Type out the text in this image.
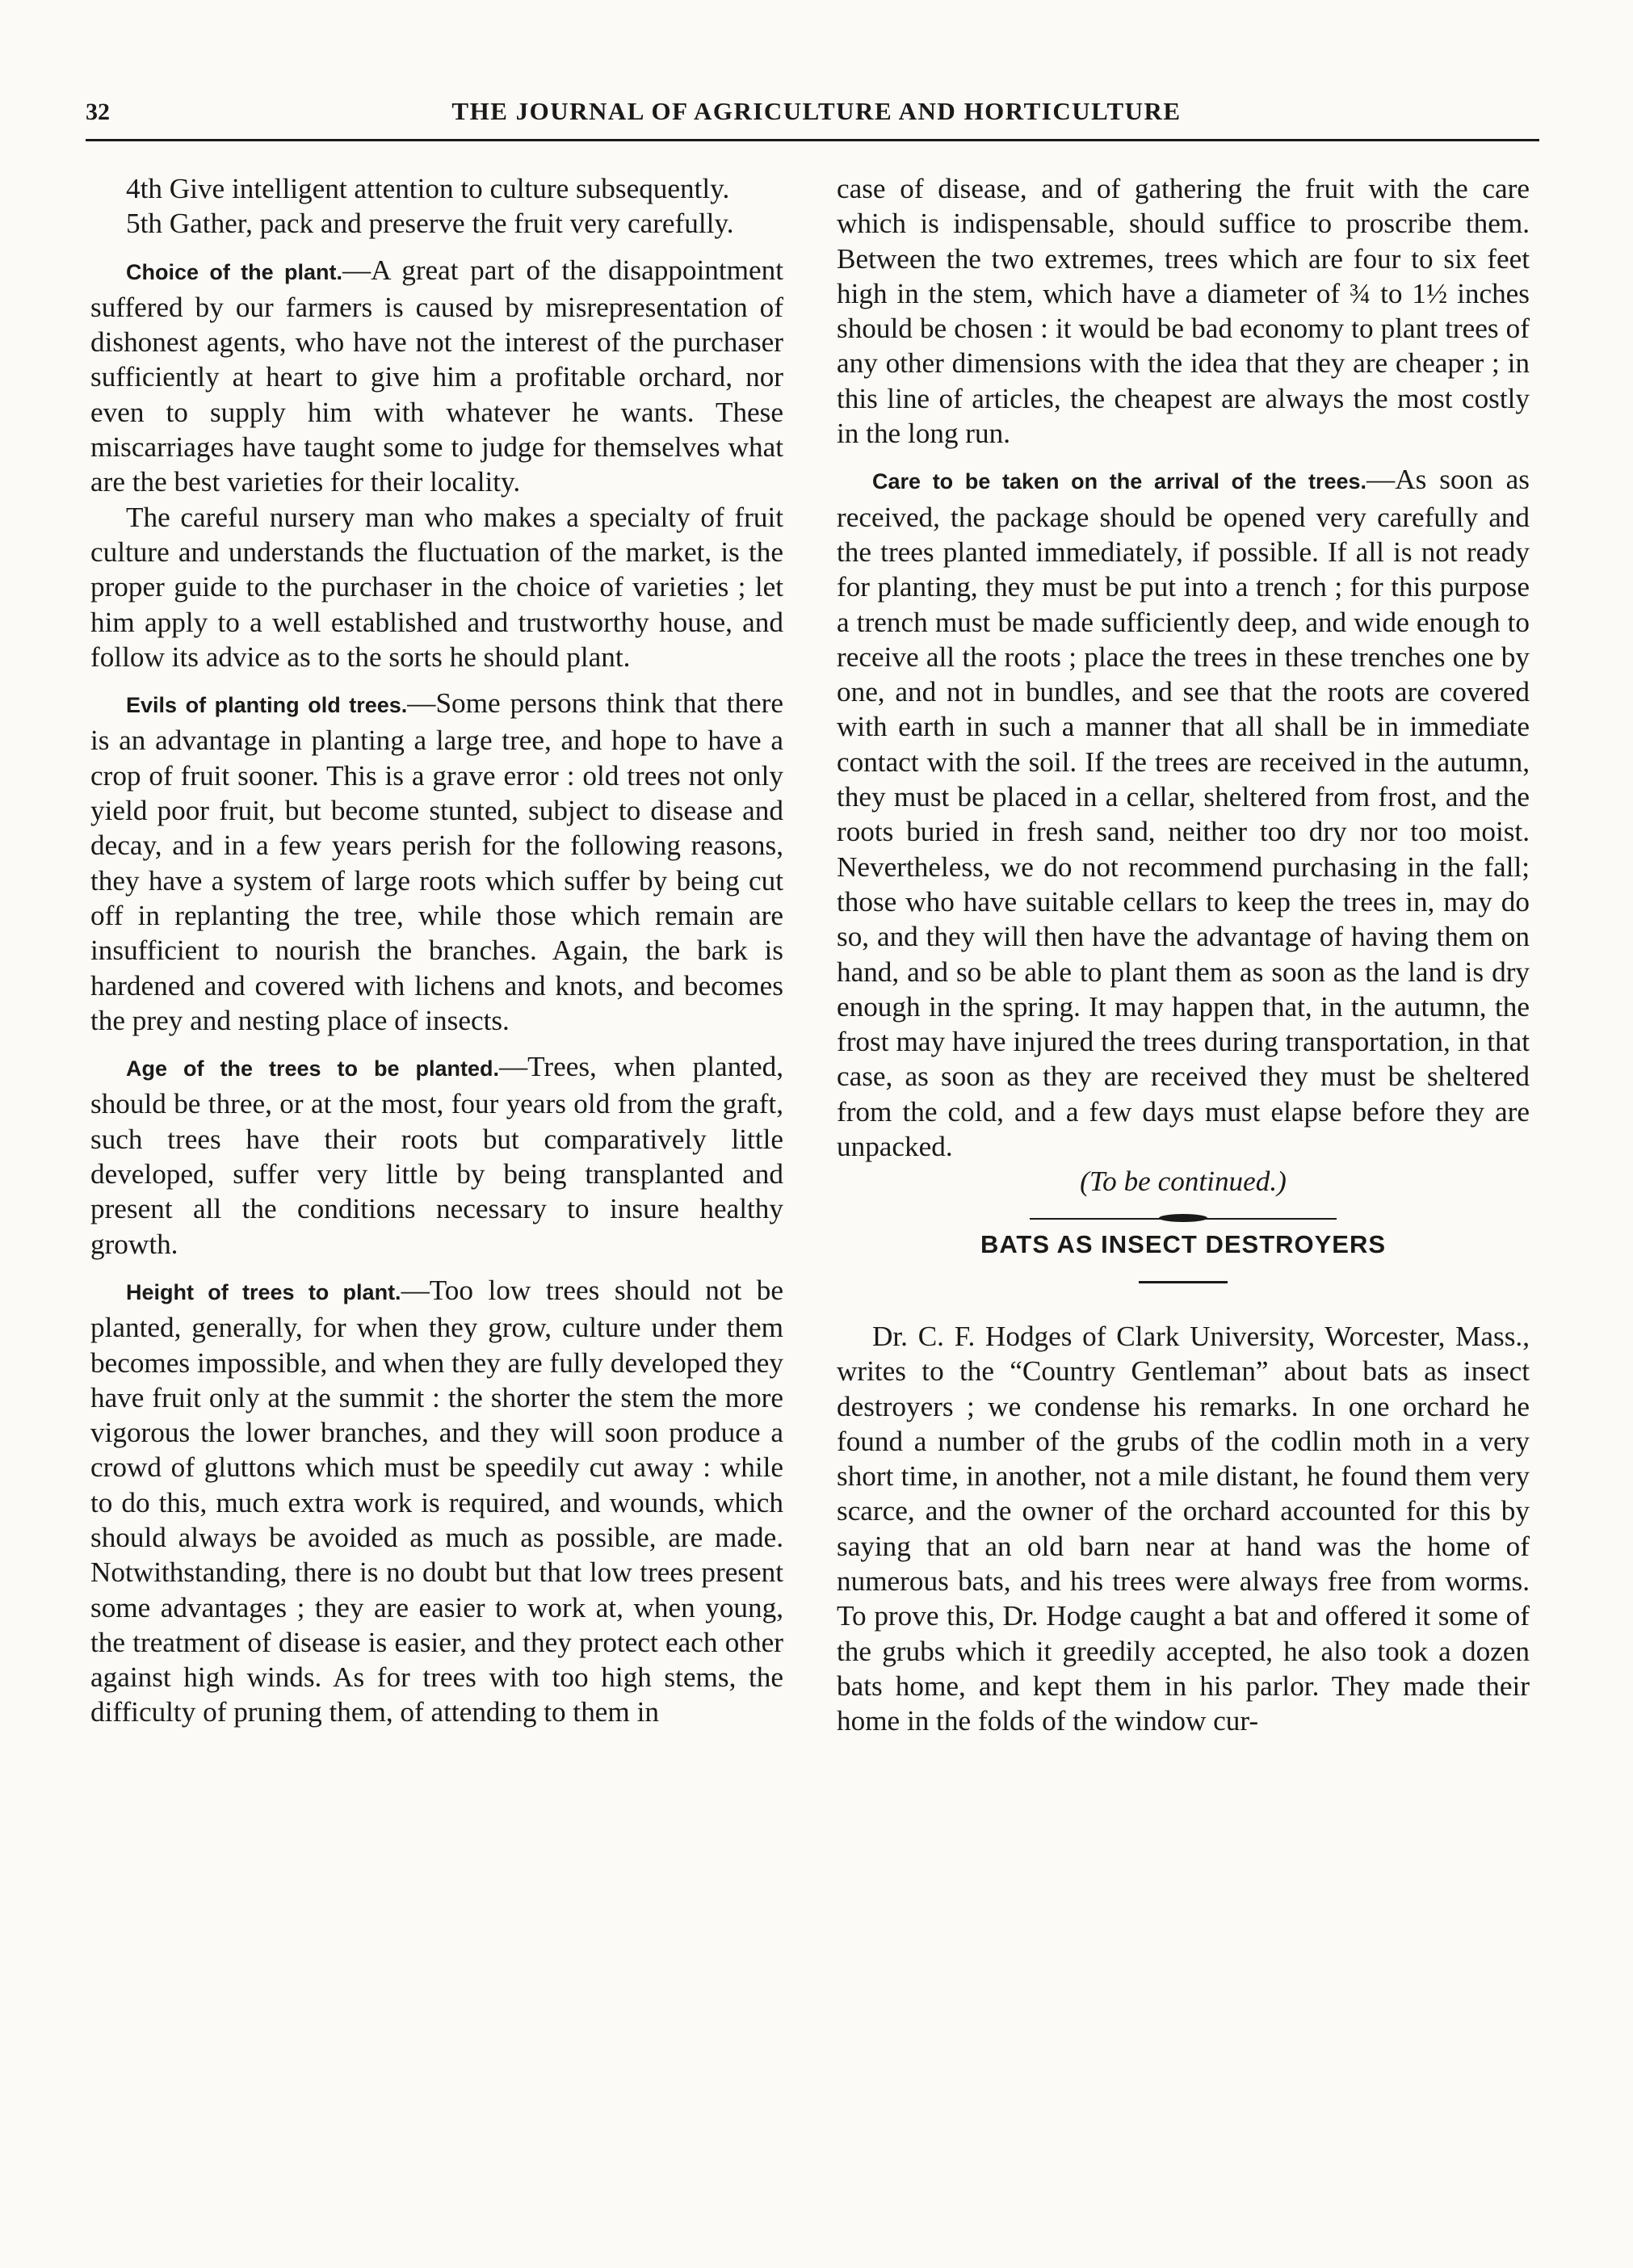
32	THE JOURNAL OF AGRICULTURE AND HORTICULTURE

4th Give intelligent attention to culture subsequently.

5th Gather, pack and preserve the fruit very carefully.

Choice of the plant.—A great part of the disappointment suffered by our farmers is caused by misrepresentation of dishonest agents, who have not the interest of the purchaser sufficiently at heart to give him a profitable orchard, nor even to supply him with whatever he wants. These miscarriages have taught some to judge for themselves what are the best varieties for their locality.

The careful nursery man who makes a specialty of fruit culture and understands the fluctuation of the market, is the proper guide to the purchaser in the choice of varieties ; let him apply to a well established and trustworthy house, and follow its advice as to the sorts he should plant.

Evils of planting old trees.—Some persons think that there is an advantage in planting a large tree, and hope to have a crop of fruit sooner. This is a grave error : old trees not only yield poor fruit, but become stunted, subject to disease and decay, and in a few years perish for the following reasons, they have a system of large roots which suffer by being cut off in replanting the tree, while those which remain are insufficient to nourish the branches. Again, the bark is hardened and covered with lichens and knots, and becomes the prey and nesting place of insects.

Age of the trees to be planted.—Trees, when planted, should be three, or at the most, four years old from the graft, such trees have their roots but comparatively little developed, suffer very little by being transplanted and present all the conditions necessary to insure healthy growth.

Height of trees to plant.—Too low trees should not be planted, generally, for when they grow, culture under them becomes impossible, and when they are fully developed they have fruit only at the summit : the shorter the stem the more vigorous the lower branches, and they will soon produce a crowd of gluttons which must be speedily cut away : while to do this, much extra work is required, and wounds, which should always be avoided as much as possible, are made. Notwithstanding, there is no doubt but that low trees present some advantages ; they are easier to work at, when young, the treatment of disease is easier, and they protect each other against high winds. As for trees with too high stems, the difficulty of pruning them, of attending to them in

case of disease, and of gathering the fruit with the care which is indispensable, should suffice to proscribe them. Between the two extremes, trees which are four to six feet high in the stem, which have a diameter of ¾ to 1½ inches should be chosen : it would be bad economy to plant trees of any other dimensions with the idea that they are cheaper ; in this line of articles, the cheapest are always the most costly in the long run.

Care to be taken on the arrival of the trees.—As soon as received, the package should be opened very carefully and the trees planted immediately, if possible. If all is not ready for planting, they must be put into a trench ; for this purpose a trench must be made sufficiently deep, and wide enough to receive all the roots ; place the trees in these trenches one by one, and not in bundles, and see that the roots are covered with earth in such a manner that all shall be in immediate contact with the soil. If the trees are received in the autumn, they must be placed in a cellar, sheltered from frost, and the roots buried in fresh sand, neither too dry nor too moist. Nevertheless, we do not recommend purchasing in the fall; those who have suitable cellars to keep the trees in, may do so, and they will then have the advantage of having them on hand, and so be able to plant them as soon as the land is dry enough in the spring. It may happen that, in the autumn, the frost may have injured the trees during transportation, in that case, as soon as they are received they must be sheltered from the cold, and a few days must elapse before they are unpacked.

(To be continued.)

BATS AS INSECT DESTROYERS

Dr. C. F. Hodges of Clark University, Worcester, Mass., writes to the “Country Gentleman” about bats as insect destroyers ; we condense his remarks. In one orchard he found a number of the grubs of the codlin moth in a very short time, in another, not a mile distant, he found them very scarce, and the owner of the orchard accounted for this by saying that an old barn near at hand was the home of numerous bats, and his trees were always free from worms. To prove this, Dr. Hodge caught a bat and offered it some of the grubs which it greedily accepted, he also took a dozen bats home, and kept them in his parlor. They made their home in the folds of the window cur-
